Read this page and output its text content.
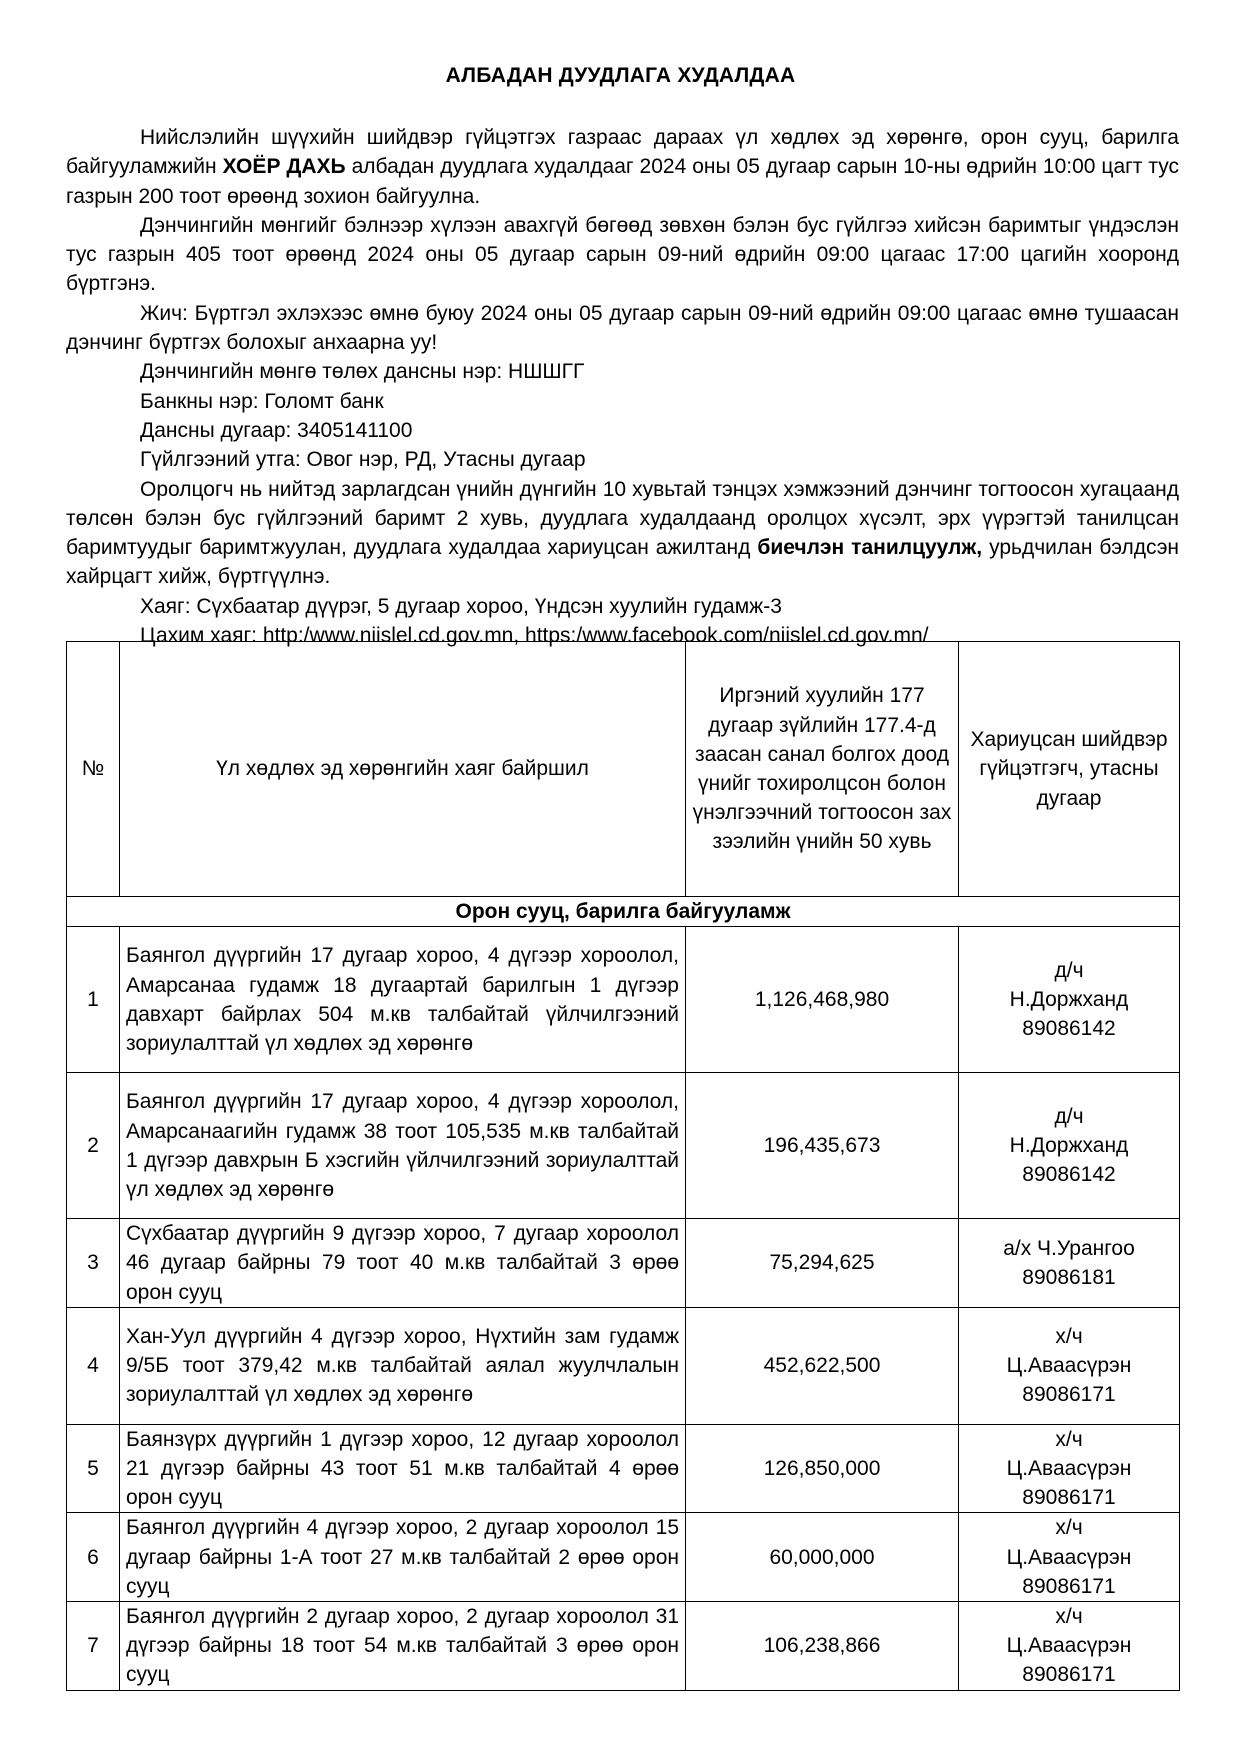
АЛБАДАН ДУУДЛАГА ХУДАЛДАА

Нийслэлийн шүүхийн шийдвэр гүйцэтгэх газраас дараах үл хөдлөх эд хөрөнгө, орон сууц, барилга байгууламжийн ХОЁР ДАХЬ албадан дуудлага худалдааг 2024 оны 05 дугаар сарын 10-ны өдрийн 10:00 цагт тус газрын 200 тоот өрөөнд зохион байгуулна.

Дэнчингийн мөнгийг бэлнээр хүлээн авахгүй бөгөөд зөвхөн бэлэн бус гүйлгээ хийсэн баримтыг үндэслэн тус газрын 405 тоот өрөөнд 2024 оны 05 дугаар сарын 09-ний өдрийн 09:00 цагаас 17:00 цагийн хооронд бүртгэнэ.

Жич: Бүртгэл эхлэхээс өмнө буюу 2024 оны 05 дугаар сарын 09-ний өдрийн 09:00 цагаас өмнө тушаасан дэнчинг бүртгэх болохыг анхаарна уу!

Дэнчингийн мөнгө төлөх дансны нэр: НШШГГ

Банкны нэр: Голомт банк

Дансны дугаар: 3405141100

Гүйлгээний утга: Овог нэр, РД, Утасны дугаар

Оролцогч нь нийтэд зарлагдсан үнийн дүнгийн 10 хувьтай тэнцэх хэмжээний дэнчинг тогтоосон хугацаанд төлсөн бэлэн бус гүйлгээний баримт 2 хувь, дуудлага худалдаанд оролцох хүсэлт, эрх үүрэгтэй танилцсан баримтуудыг баримтжуулан, дуудлага худалдаа хариуцсан ажилтанд биечлэн танилцуулж, урьдчилан бэлдсэн хайрцагт хийж, бүртгүүлнэ.

Хаяг: Сүхбаатар дүүрэг, 5 дугаар хороо, Үндсэн хуулийн гудамж-3

Цахим хаяг: http:/www.niislel.cd.gov.mn, https:/www.facebook.com/niislel.cd.gov.mn/

№	Үл хөдлөх эд хөрөнгийн хаяг байршил	Иргэний хуулийн 177 дугаар зүйлийн 177.4-д заасан санал болгох доод үнийг тохиролцсон болон үнэлгээчний тогтоосон зах зээлийн үнийн 50 хувь	Хариуцсан шийдвэр гүйцэтгэгч, утасны дугаар
Орон сууц, барилга байгууламж			
1	Баянгол дүүргийн 17 дугаар хороо, 4 дүгээр хороолол, Амарсанаа гудамж 18 дугаартай барилгын 1 дүгээр давхарт байрлах 504 м.кв талбайтай үйлчилгээний зориулалттай үл хөдлөх эд хөрөнгө	1,126,468,980	д/ч
Н.Доржханд
89086142

2	Баянгол дүүргийн 17 дугаар хороо, 4 дүгээр хороолол, Амарсанаагийн гудамж 38 тоот 105,535 м.кв талбайтай 1 дүгээр давхрын Б хэсгийн үйлчилгээний зориулалттай үл хөдлөх эд хөрөнгө	196,435,673	д/ч
Н.Доржханд
89086142

3	Сүхбаатар дүүргийн 9 дүгээр хороо, 7 дугаар хороолол 46 дугаар байрны 79 тоот 40 м.кв талбайтай 3 өрөө орон сууц	75,294,625	а/х Ч.Урангоо
89086181

4	Хан-Уул дүүргийн 4 дүгээр хороо, Нүхтийн зам гудамж 9/5Б тоот 379,42 м.кв талбайтай аялал жуулчлалын зориулалттай үл хөдлөх эд хөрөнгө	452,622,500	х/ч
Ц.Аваасүрэн
89086171

5	Баянзүрх дүүргийн 1 дүгээр хороо, 12 дугаар хороолол 21 дүгээр байрны 43 тоот 51 м.кв талбайтай 4 өрөө орон сууц	126,850,000	х/ч
Ц.Аваасүрэн
89086171

6	Баянгол дүүргийн 4 дүгээр хороо, 2 дугаар хороолол 15 дугаар байрны 1-А тоот 27 м.кв талбайтай 2 өрөө орон сууц	60,000,000	х/ч
Ц.Аваасүрэн
89086171

7	Баянгол дүүргийн 2 дугаар хороо, 2 дугаар хороолол 31 дүгээр байрны 18 тоот 54 м.кв талбайтай 3 өрөө орон сууц	106,238,866	х/ч
Ц.Аваасүрэн
89086171
